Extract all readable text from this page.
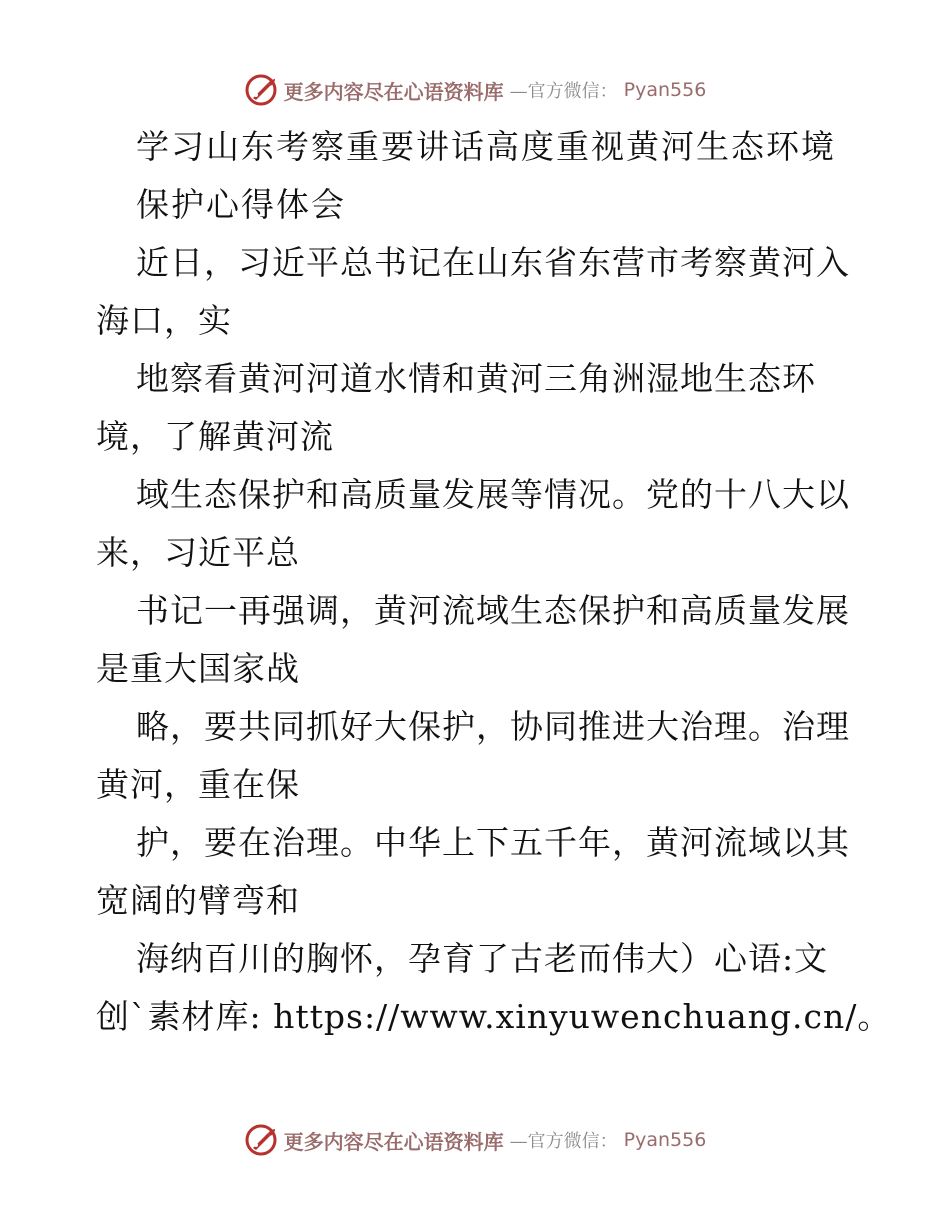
更多内容尽在心语资料库 —官方微信： Pyan556
学习山东考察重要讲话高度重视黄河生态环境
保护心得体会
近日，习近平总书记在山东省东营市考察黄河入
海口，实
地察看黄河河道水情和黄河三角洲湿地生态环
境，了解黄河流
域生态保护和高质量发展等情况。党的十八大以
来，习近平总
书记一再强调，黄河流域生态保护和高质量发展
是重大国家战
略，要共同抓好大保护，协同推进大治理。治理
黄河，重在保
护，要在治理。中华上下五千年，黄河流域以其
宽阔的臂弯和
海纳百川的胸怀，孕育了古老而伟大）心语:文
创`素材库: https://www.xinyuwenchuang.cn/。
更多内容尽在心语资料库 —官方微信： Pyan556
